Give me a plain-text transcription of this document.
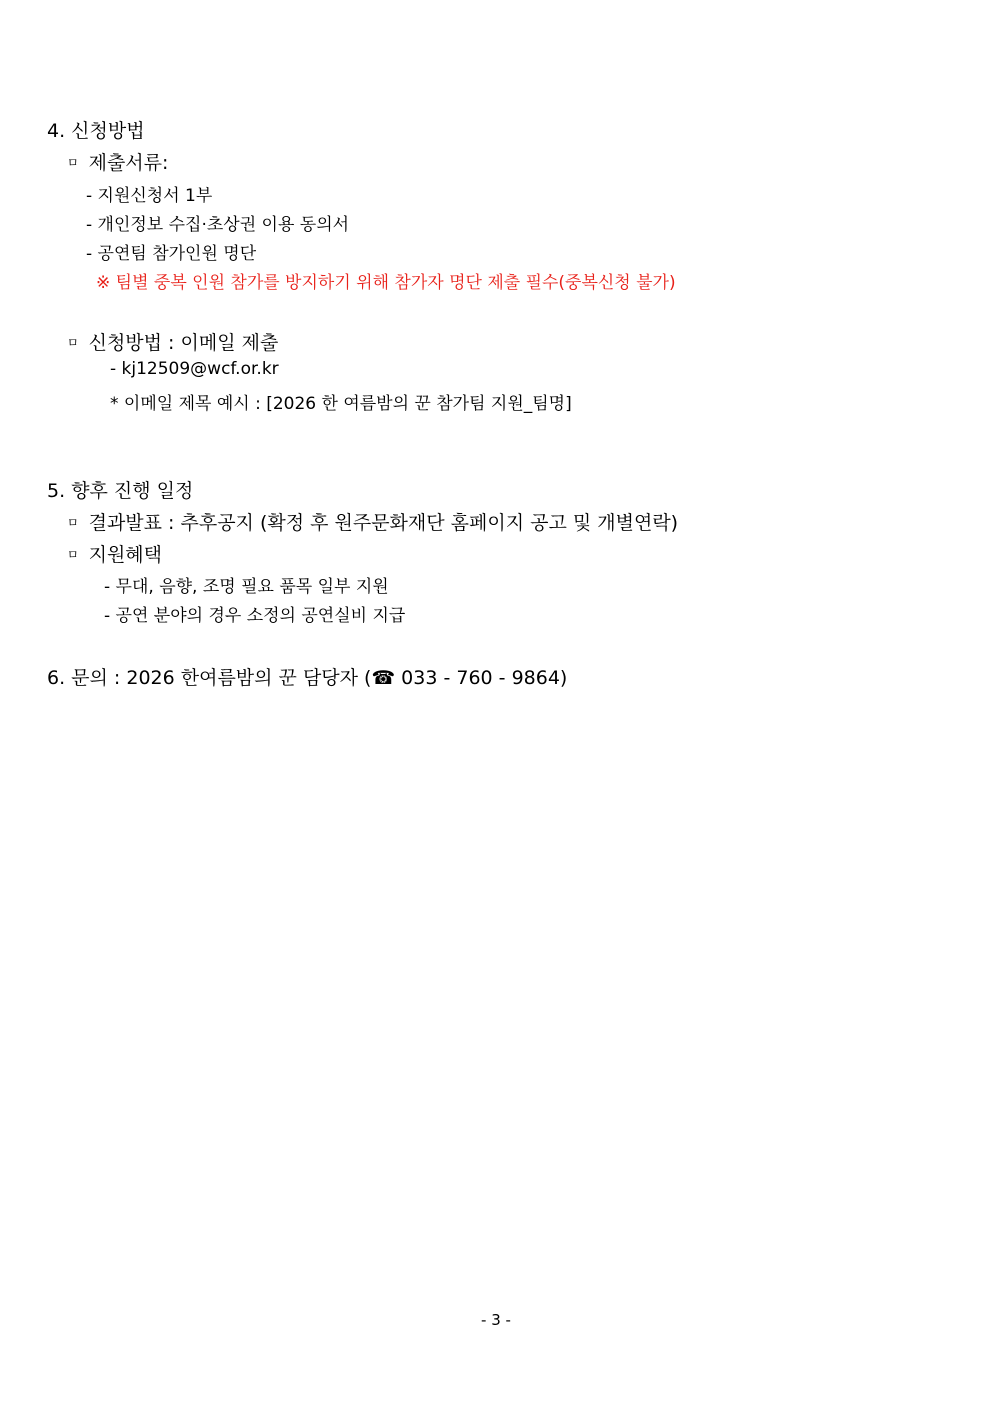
4. 신청방법
ㅁ 제출서류:
- 지원신청서 1부
- 개인정보 수집·초상권 이용 동의서
- 공연팀 참가인원 명단
※ 팀별 중복 인원 참가를 방지하기 위해 참가자 명단 제출 필수(중복신청 불가)
ㅁ 신청방법 : 이메일 제출
- kj12509@wcf.or.kr
* 이메일 제목 예시 : [2026 한 여름밤의 꾼 참가팀 지원_팀명]
5. 향후 진행 일정
ㅁ 결과발표 : 추후공지 (확정 후 원주문화재단 홈페이지 공고 및 개별연락)
ㅁ 지원혜택
- 무대, 음향, 조명 필요 품목 일부 지원
- 공연 분야의 경우 소정의 공연실비 지급
6. 문의 : 2026 한여름밤의 꾼 담당자 (☎ 033 - 760 - 9864)
- 3 -
